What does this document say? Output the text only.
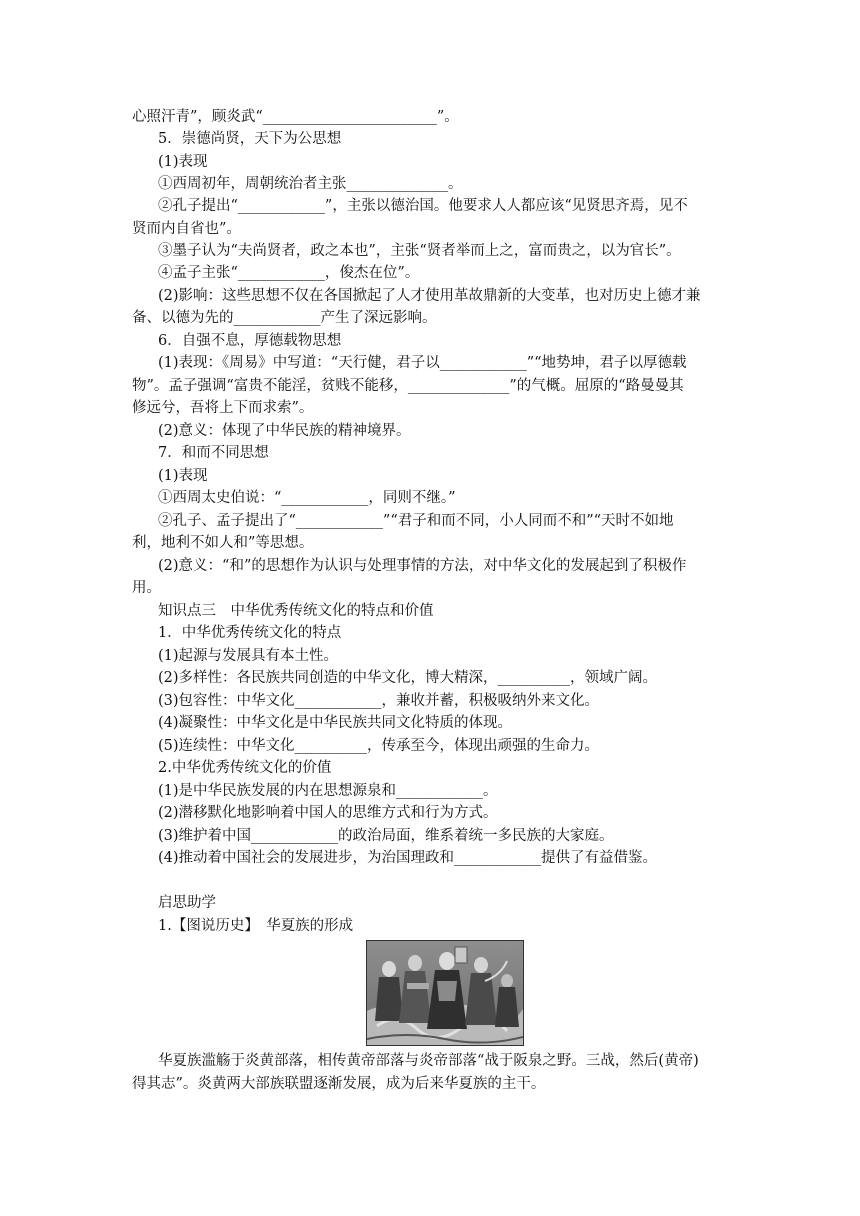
心照汗青”，顾炎武“________________________”。
5．崇德尚贤，天下为公思想
(1)表现
①西周初年，周朝统治者主张______________。
②孔子提出“____________”，主张以德治国。他要求人人都应该“见贤思齐焉，见不
贤而内自省也”。
③墨子认为“夫尚贤者，政之本也”，主张“贤者举而上之，富而贵之，以为官长”。
④孟子主张“____________，俊杰在位”。
(2)影响：这些思想不仅在各国掀起了人才使用革故鼎新的大变革，也对历史上德才兼
备、以德为先的____________产生了深远影响。
6．自强不息，厚德载物思想
(1)表现：《周易》中写道：“天行健，君子以____________”“地势坤，君子以厚德载
物”。孟子强调“富贵不能淫，贫贱不能移，______________”的气概。屈原的“路曼曼其
修远兮，吾将上下而求索”。
(2)意义：体现了中华民族的精神境界。
7．和而不同思想
(1)表现
①西周太史伯说：“____________，同则不继。”
②孔子、孟子提出了“____________”“君子和而不同，小人同而不和”“天时不如地
利，地利不如人和”等思想。
(2)意义：“和”的思想作为认识与处理事情的方法，对中华文化的发展起到了积极作
用。
知识点三　中华优秀传统文化的特点和价值
1．中华优秀传统文化的特点
(1)起源与发展具有本土性。
(2)多样性：各民族共同创造的中华文化，博大精深，__________，领域广阔。
(3)包容性：中华文化____________，兼收并蓄，积极吸纳外来文化。
(4)凝聚性：中华文化是中华民族共同文化特质的体现。
(5)连续性：中华文化__________，传承至今，体现出顽强的生命力。
2.中华优秀传统文化的价值
(1)是中华民族发展的内在思想源泉和____________。
(2)潜移默化地影响着中国人的思维方式和行为方式。
(3)维护着中国____________的政治局面，维系着统一多民族的大家庭。
(4)推动着中国社会的发展进步，为治国理政和____________提供了有益借鉴。
启思助学
1.【图说历史】　华夏族的形成
华夏族滥觞于炎黄部落，相传黄帝部落与炎帝部落“战于阪泉之野。三战，然后(黄帝)
得其志”。炎黄两大部族联盟逐渐发展，成为后来华夏族的主干。
